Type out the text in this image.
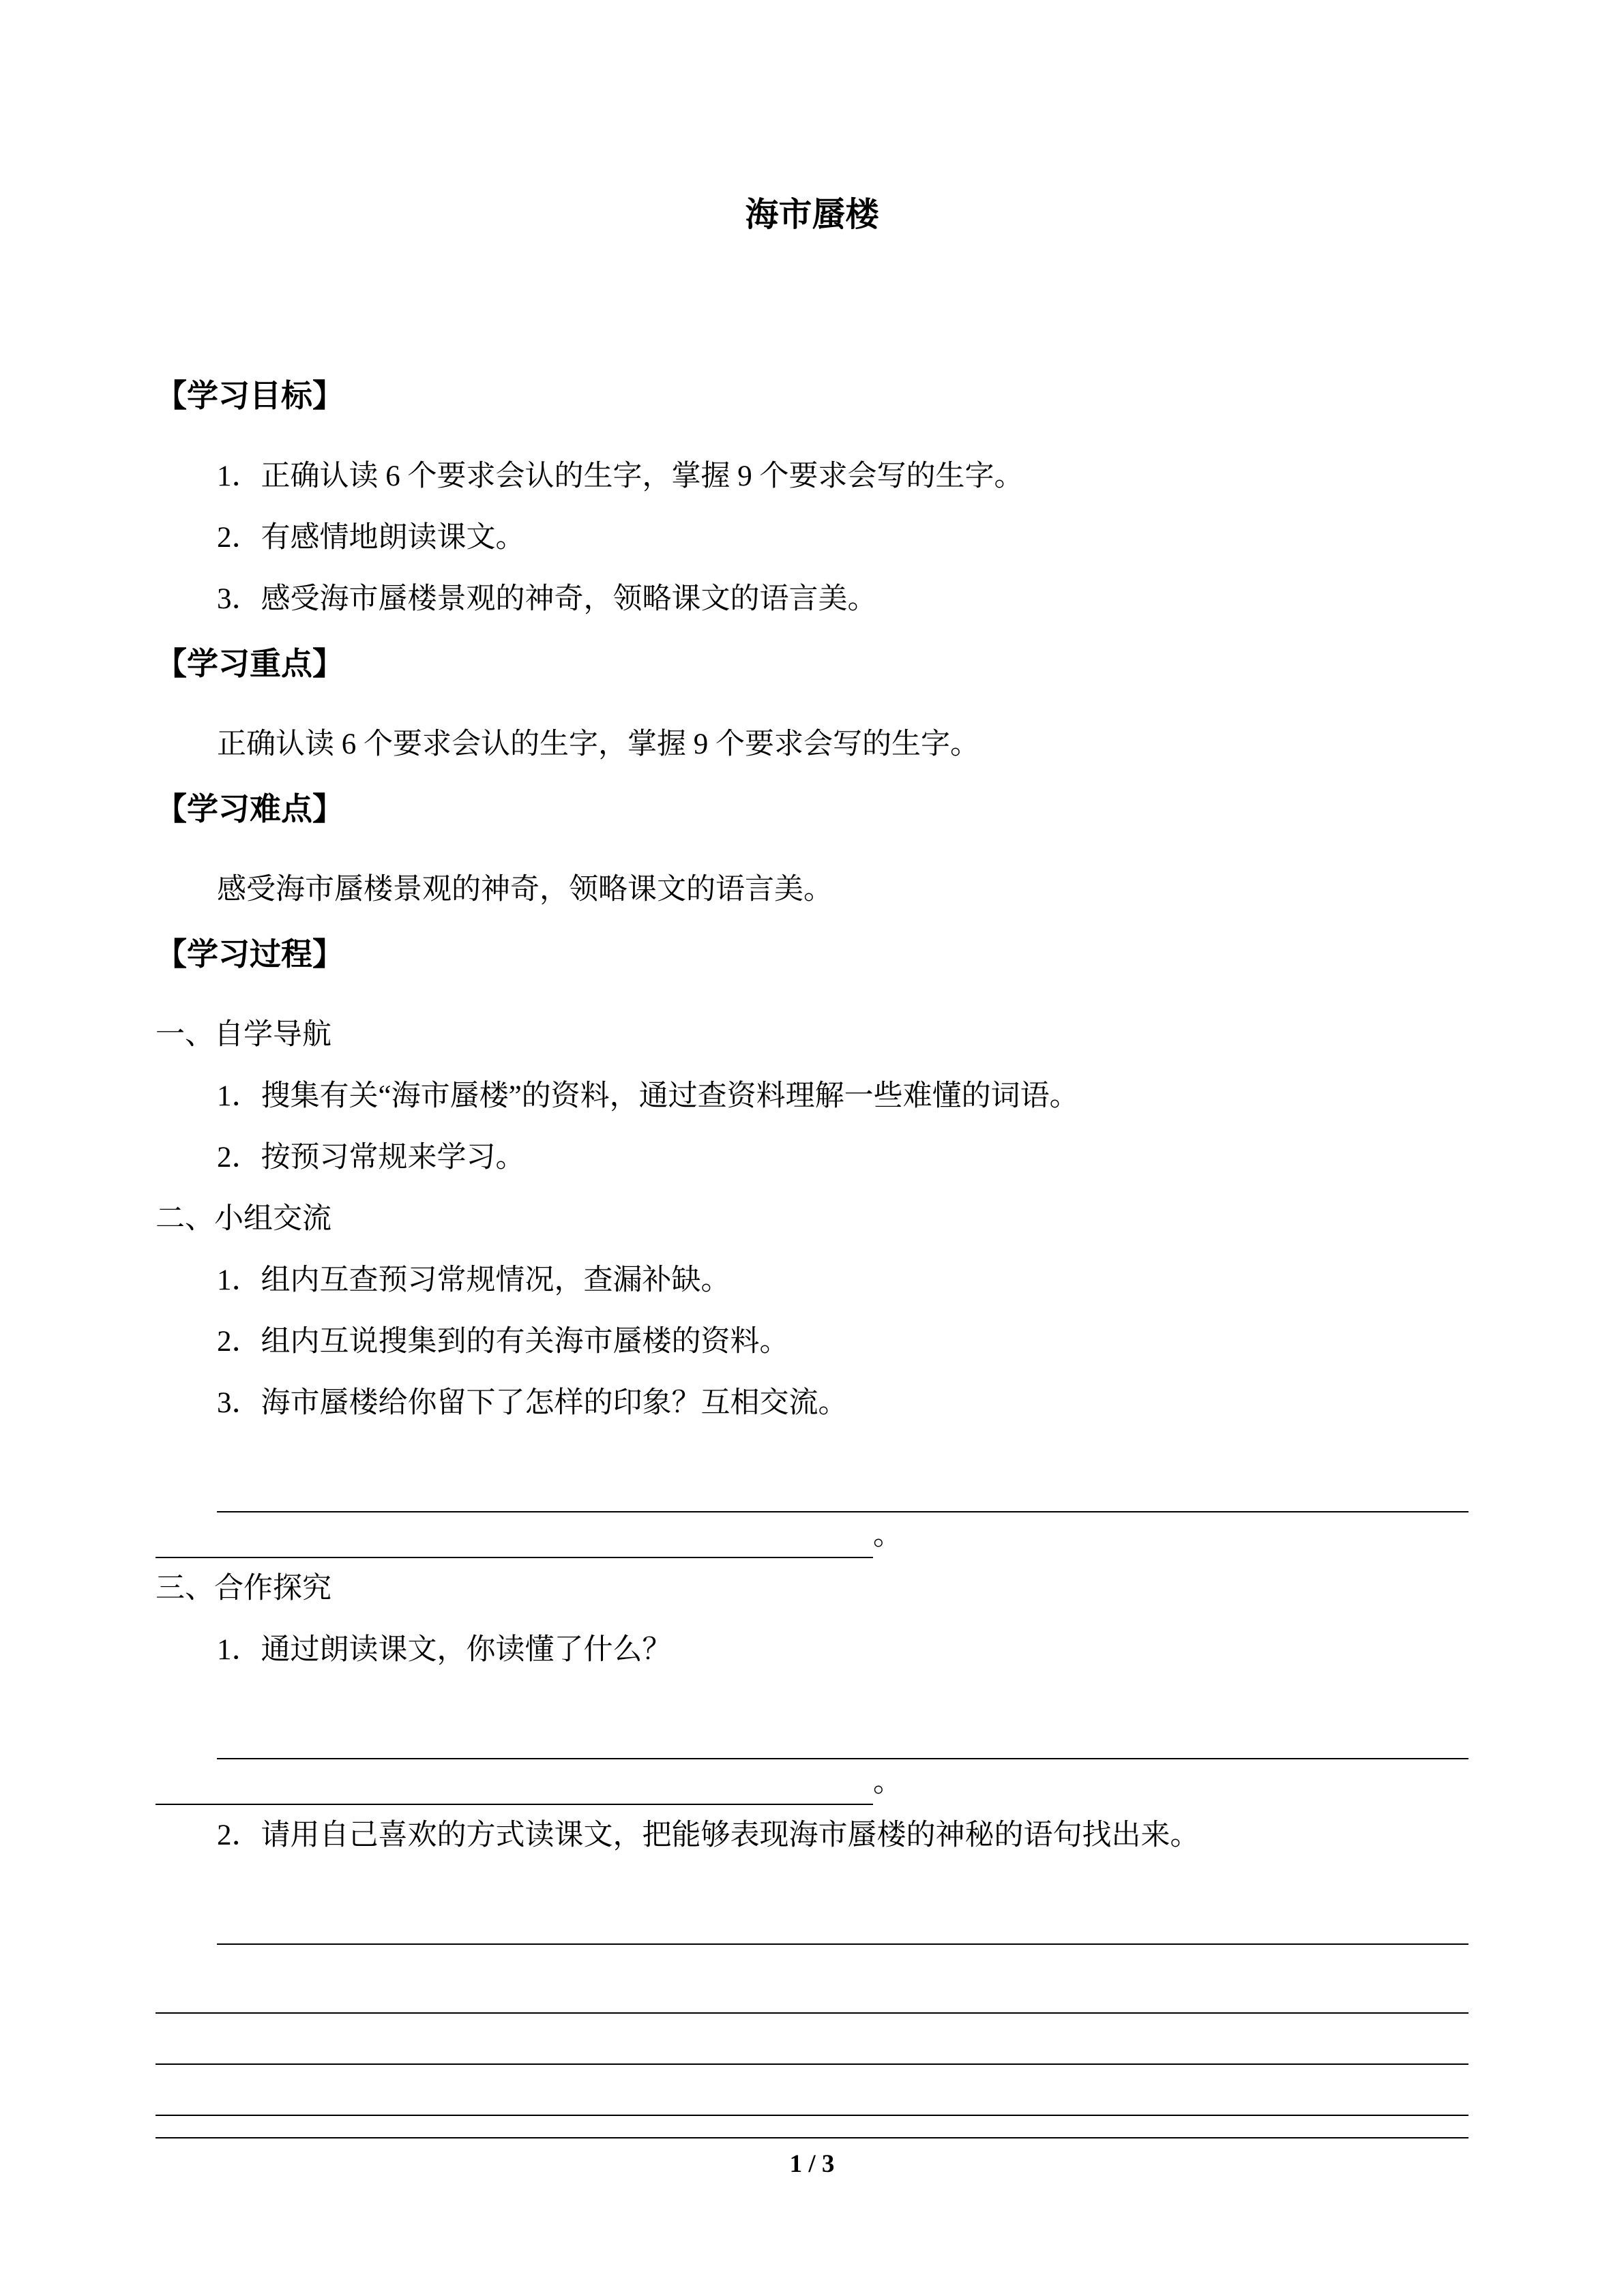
海市蜃楼
【学习目标】

1．正确认读 6 个要求会认的生字，掌握 9 个要求会写的生字。

2．有感情地朗读课文。

3．感受海市蜃楼景观的神奇，领略课文的语言美。

【学习重点】

正确认读 6 个要求会认的生字，掌握 9 个要求会写的生字。

【学习难点】

感受海市蜃楼景观的神奇，领略课文的语言美。

【学习过程】

一、自学导航

1．搜集有关“海市蜃楼”的资料，通过查资料理解一些难懂的词语。

2．按预习常规来学习。

二、小组交流

1．组内互查预习常规情况，查漏补缺。

2．组内互说搜集到的有关海市蜃楼的资料。

3．海市蜃楼给你留下了怎样的印象？互相交流。

。

三、合作探究

1．通过朗读课文，你读懂了什么？

。

2．请用自己喜欢的方式读课文，把能够表现海市蜃楼的神秘的语句找出来。

1 / 3
